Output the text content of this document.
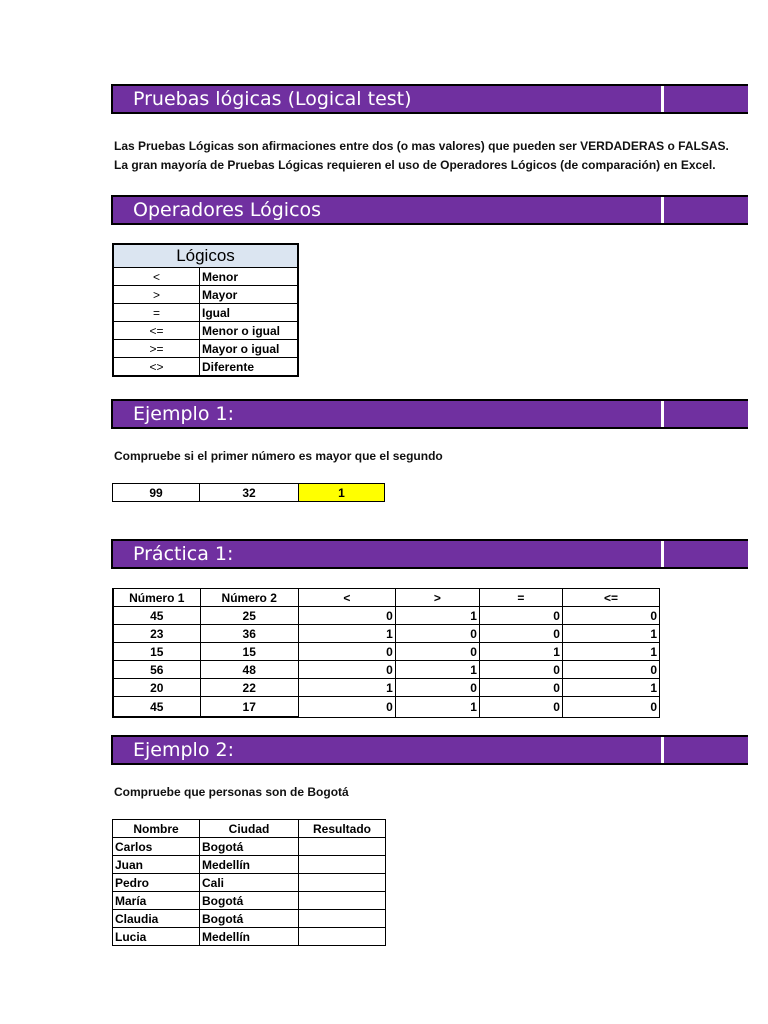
Pruebas lógicas (Logical test)
Las Pruebas Lógicas son afirmaciones entre dos (o mas valores) que pueden ser VERDADERAS o FALSAS.
La gran mayoría de Pruebas Lógicas requieren el uso de Operadores Lógicos (de comparación) en Excel.
Operadores Lógicos
Lógicos	
<	Menor
>	Mayor
=	Igual
<=	Menor o igual
>=	Mayor o igual
<>	Diferente
Ejemplo 1:
Compruebe si el primer número es mayor que el segundo
99	32	1
Práctica 1:
Número 1	Número 2	<	>	=	<=
45	25	0	1	0	0
23	36	1	0	0	1
15	15	0	0	1	1
56	48	0	1	0	0
20	22	1	0	0	1
45	17	0	1	0	0
Ejemplo 2:
Compruebe que personas son de Bogotá
Nombre	Ciudad	Resultado
Carlos	Bogotá	
Juan	Medellín	
Pedro	Cali	
María	Bogotá	
Claudia	Bogotá	
Lucia	Medellín	
